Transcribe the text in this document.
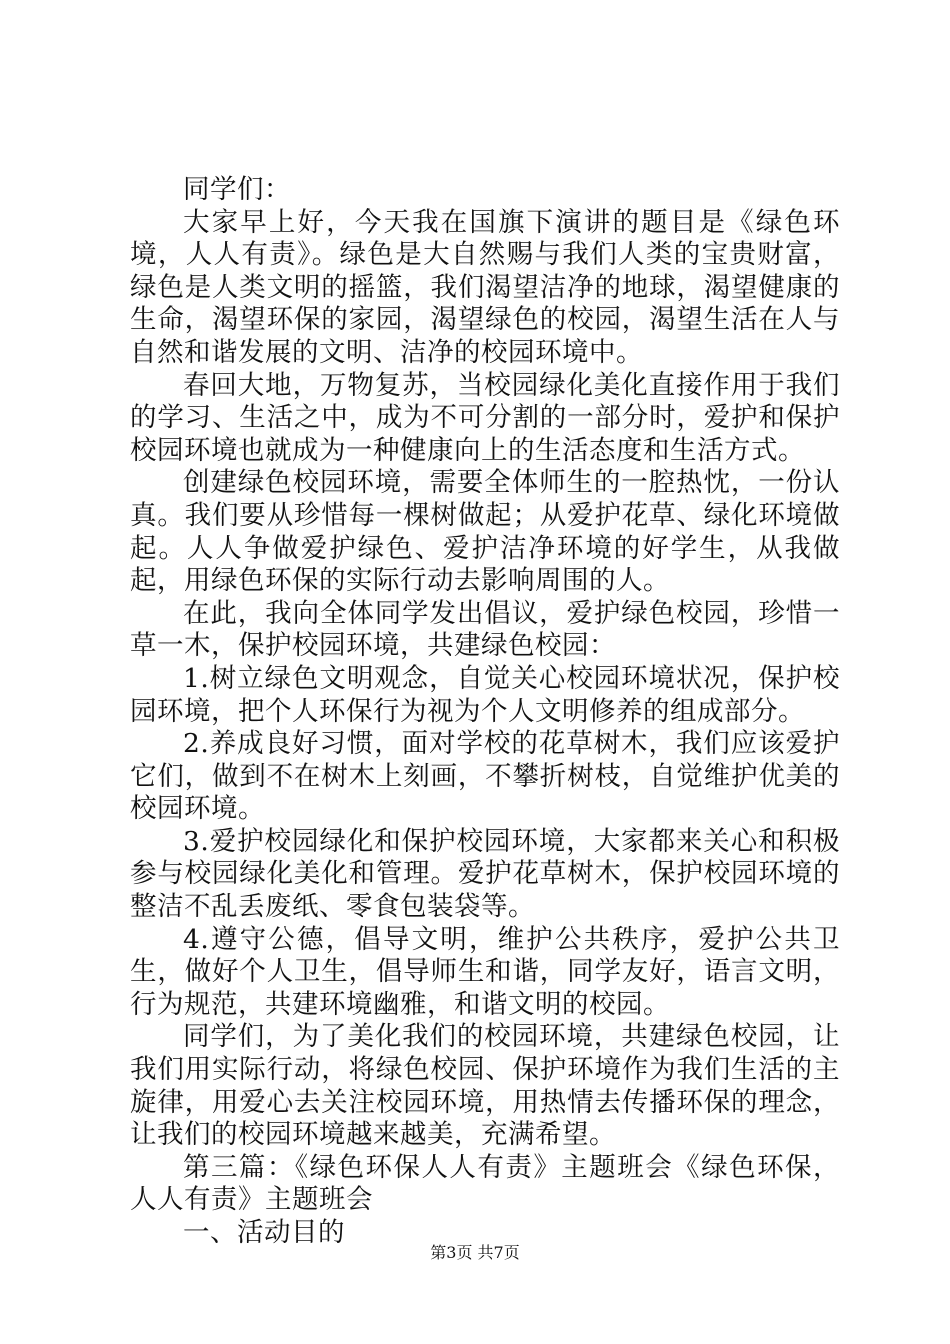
同学们：

大家早上好，今天我在国旗下演讲的题目是《绿色环境，人人有责》。绿色是大自然赐与我们人类的宝贵财富，绿色是人类文明的摇篮，我们渴望洁净的地球，渴望健康的生命，渴望环保的家园，渴望绿色的校园，渴望生活在人与自然和谐发展的文明、洁净的校园环境中。

春回大地，万物复苏，当校园绿化美化直接作用于我们的学习、生活之中，成为不可分割的一部分时，爱护和保护校园环境也就成为一种健康向上的生活态度和生活方式。

创建绿色校园环境，需要全体师生的一腔热忱，一份认真。我们要从珍惜每一棵树做起；从爱护花草、绿化环境做起。人人争做爱护绿色、爱护洁净环境的好学生，从我做起，用绿色环保的实际行动去影响周围的人。

在此，我向全体同学发出倡议，爱护绿色校园，珍惜一草一木，保护校园环境，共建绿色校园：

1.树立绿色文明观念，自觉关心校园环境状况，保护校园环境，把个人环保行为视为个人文明修养的组成部分。

2.养成良好习惯，面对学校的花草树木，我们应该爱护它们，做到不在树木上刻画，不攀折树枝，自觉维护优美的校园环境。

3.爱护校园绿化和保护校园环境，大家都来关心和积极参与校园绿化美化和管理。爱护花草树木，保护校园环境的整洁不乱丢废纸、零食包装袋等。

4.遵守公德，倡导文明，维护公共秩序，爱护公共卫生，做好个人卫生，倡导师生和谐，同学友好，语言文明，行为规范，共建环境幽雅，和谐文明的校园。

同学们，为了美化我们的校园环境，共建绿色校园，让我们用实际行动，将绿色校园、保护环境作为我们生活的主旋律，用爱心去关注校园环境，用热情去传播环保的理念，让我们的校园环境越来越美，充满希望。

第三篇：《绿色环保人人有责》主题班会《绿色环保，人人有责》主题班会

一、活动目的

第3页 共7页
